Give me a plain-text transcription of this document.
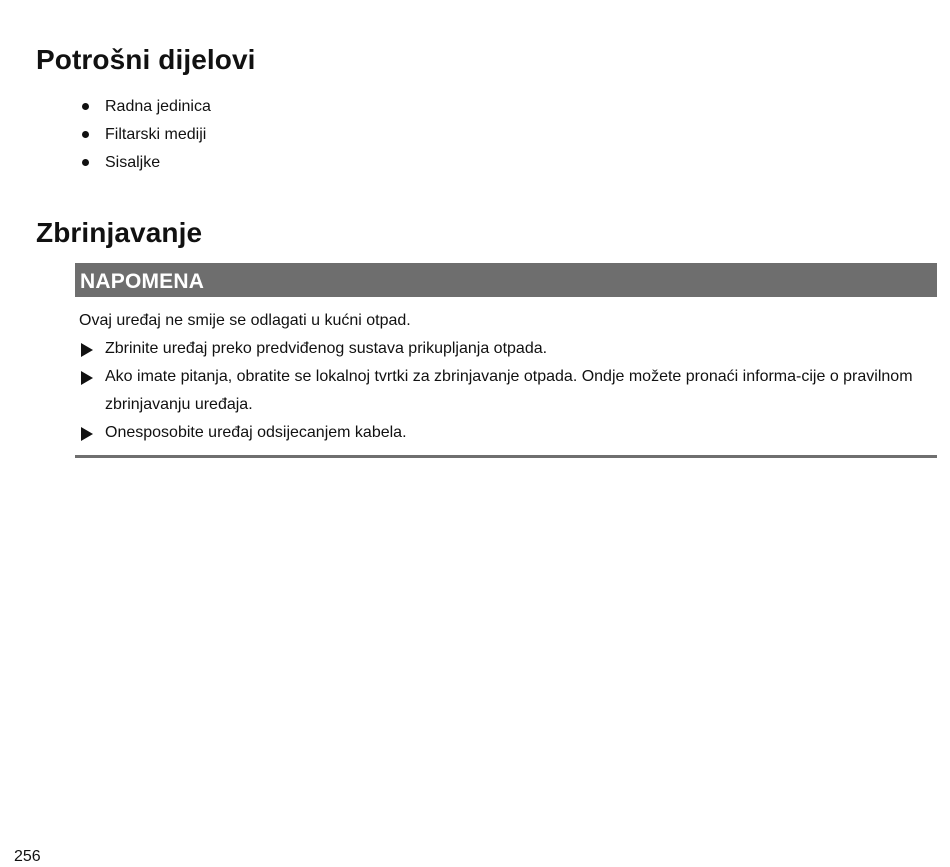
Potrošni dijelovi
Radna jedinica
Filtarski mediji
Sisaljke
Zbrinjavanje
NAPOMENA

Ovaj uređaj ne smije se odlagati u kućni otpad.

Zbrinite uređaj preko predviđenog sustava prikupljanja otpada.
Ako imate pitanja, obratite se lokalnoj tvrtki za zbrinjavanje otpada. Ondje možete pronaći informa-cije o pravilnom zbrinjavanju uređaja.
Onesposobite uređaj odsijecanjem kabela.
256
